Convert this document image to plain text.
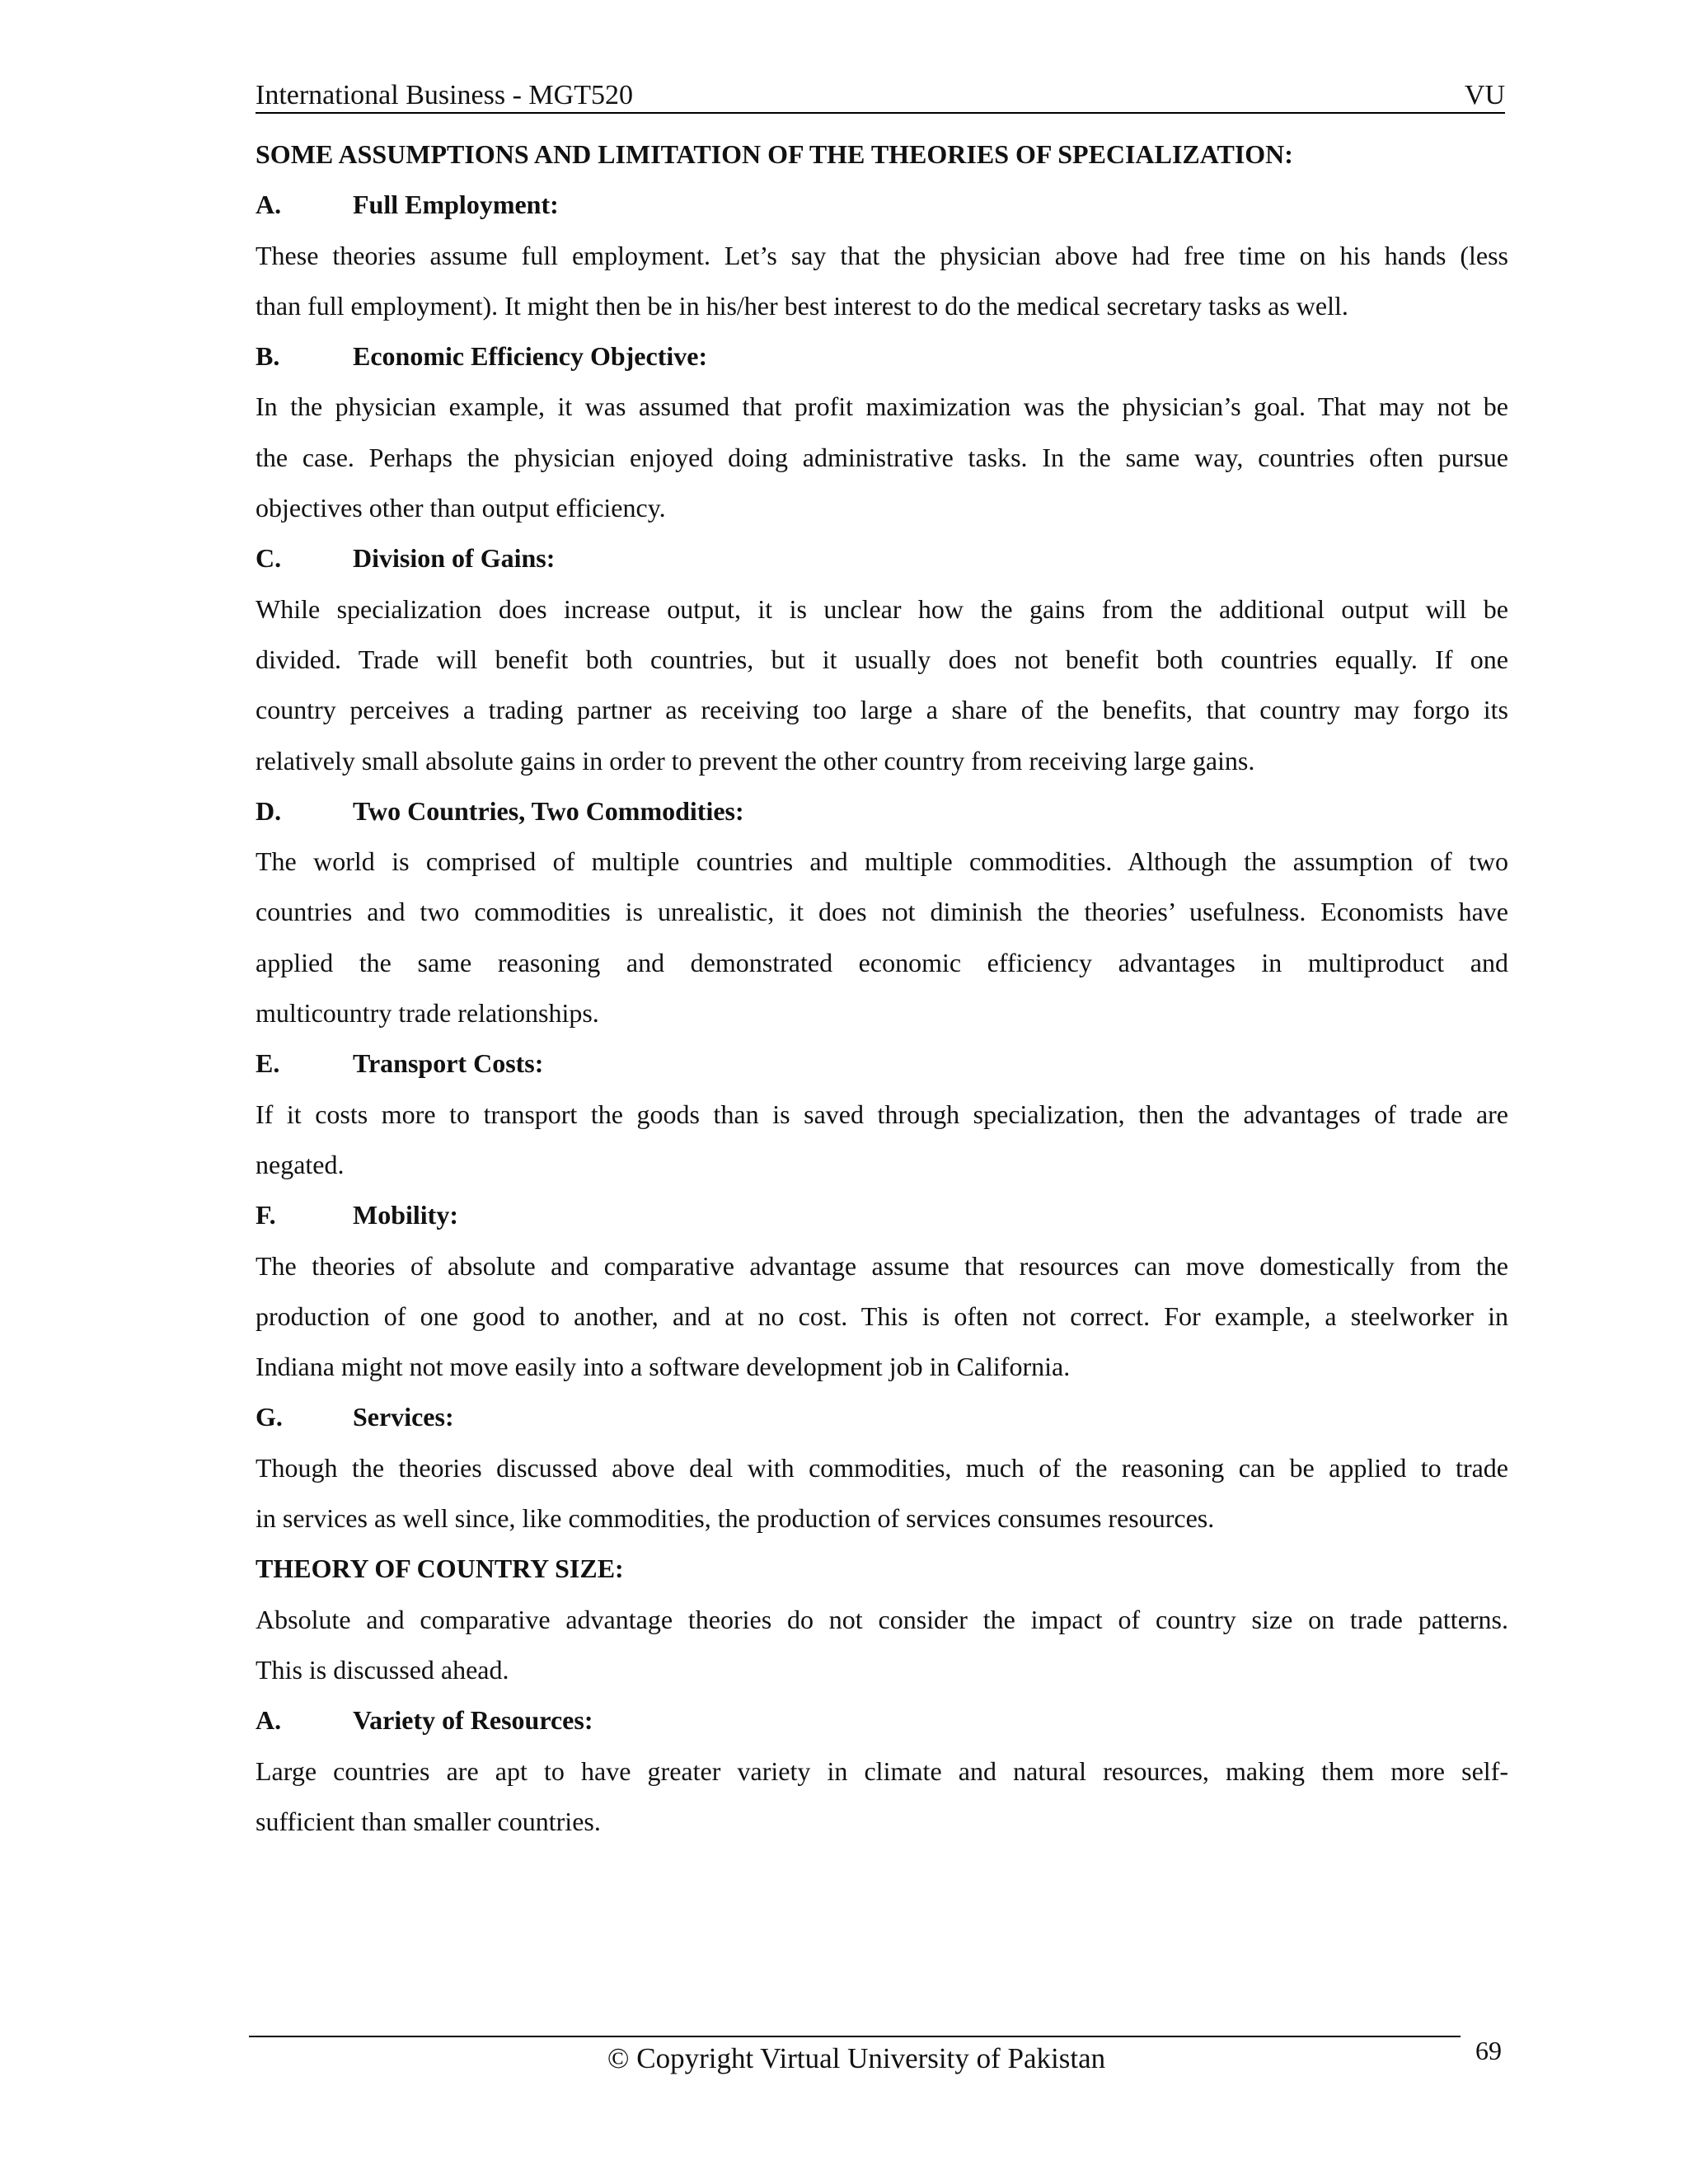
International Business - MGT520	VU
SOME ASSUMPTIONS AND LIMITATION OF THE THEORIES OF SPECIALIZATION:
A.	Full Employment:
These theories assume full employment. Let’s say that the physician above had free time on his hands (less
than full employment). It might then be in his/her best interest to do the medical secretary tasks as well.
B.	Economic Efficiency Objective:
In the physician example, it was assumed that profit maximization was the physician’s goal. That may not be
the case. Perhaps the physician enjoyed doing administrative tasks. In the same way, countries often pursue
objectives other than output efficiency.
C.	Division of Gains:
While specialization does increase output, it is unclear how the gains from the additional output will be
divided. Trade will benefit both countries, but it usually does not benefit both countries equally. If one
country perceives a trading partner as receiving too large a share of the benefits, that country may forgo its
relatively small absolute gains in order to prevent the other country from receiving large gains.
D.	Two Countries, Two Commodities:
The world is comprised of multiple countries and multiple commodities. Although the assumption of two
countries and two commodities is unrealistic, it does not diminish the theories’ usefulness. Economists have
applied the same reasoning and demonstrated economic efficiency advantages in multiproduct and
multicountry trade relationships.
E.	Transport Costs:
If it costs more to transport the goods than is saved through specialization, then the advantages of trade are
negated.
F.	Mobility:
The theories of absolute and comparative advantage assume that resources can move domestically from the
production of one good to another, and at no cost. This is often not correct. For example, a steelworker in
Indiana might not move easily into a software development job in California.
G.	Services:
Though the theories discussed above deal with commodities, much of the reasoning can be applied to trade
in services as well since, like commodities, the production of services consumes resources.
THEORY OF COUNTRY SIZE:
Absolute and comparative advantage theories do not consider the impact of country size on trade patterns.
This is discussed ahead.
A.	Variety of Resources:
Large countries are apt to have greater variety in climate and natural resources, making them more self-
sufficient than smaller countries.
© Copyright Virtual University of Pakistan	69
